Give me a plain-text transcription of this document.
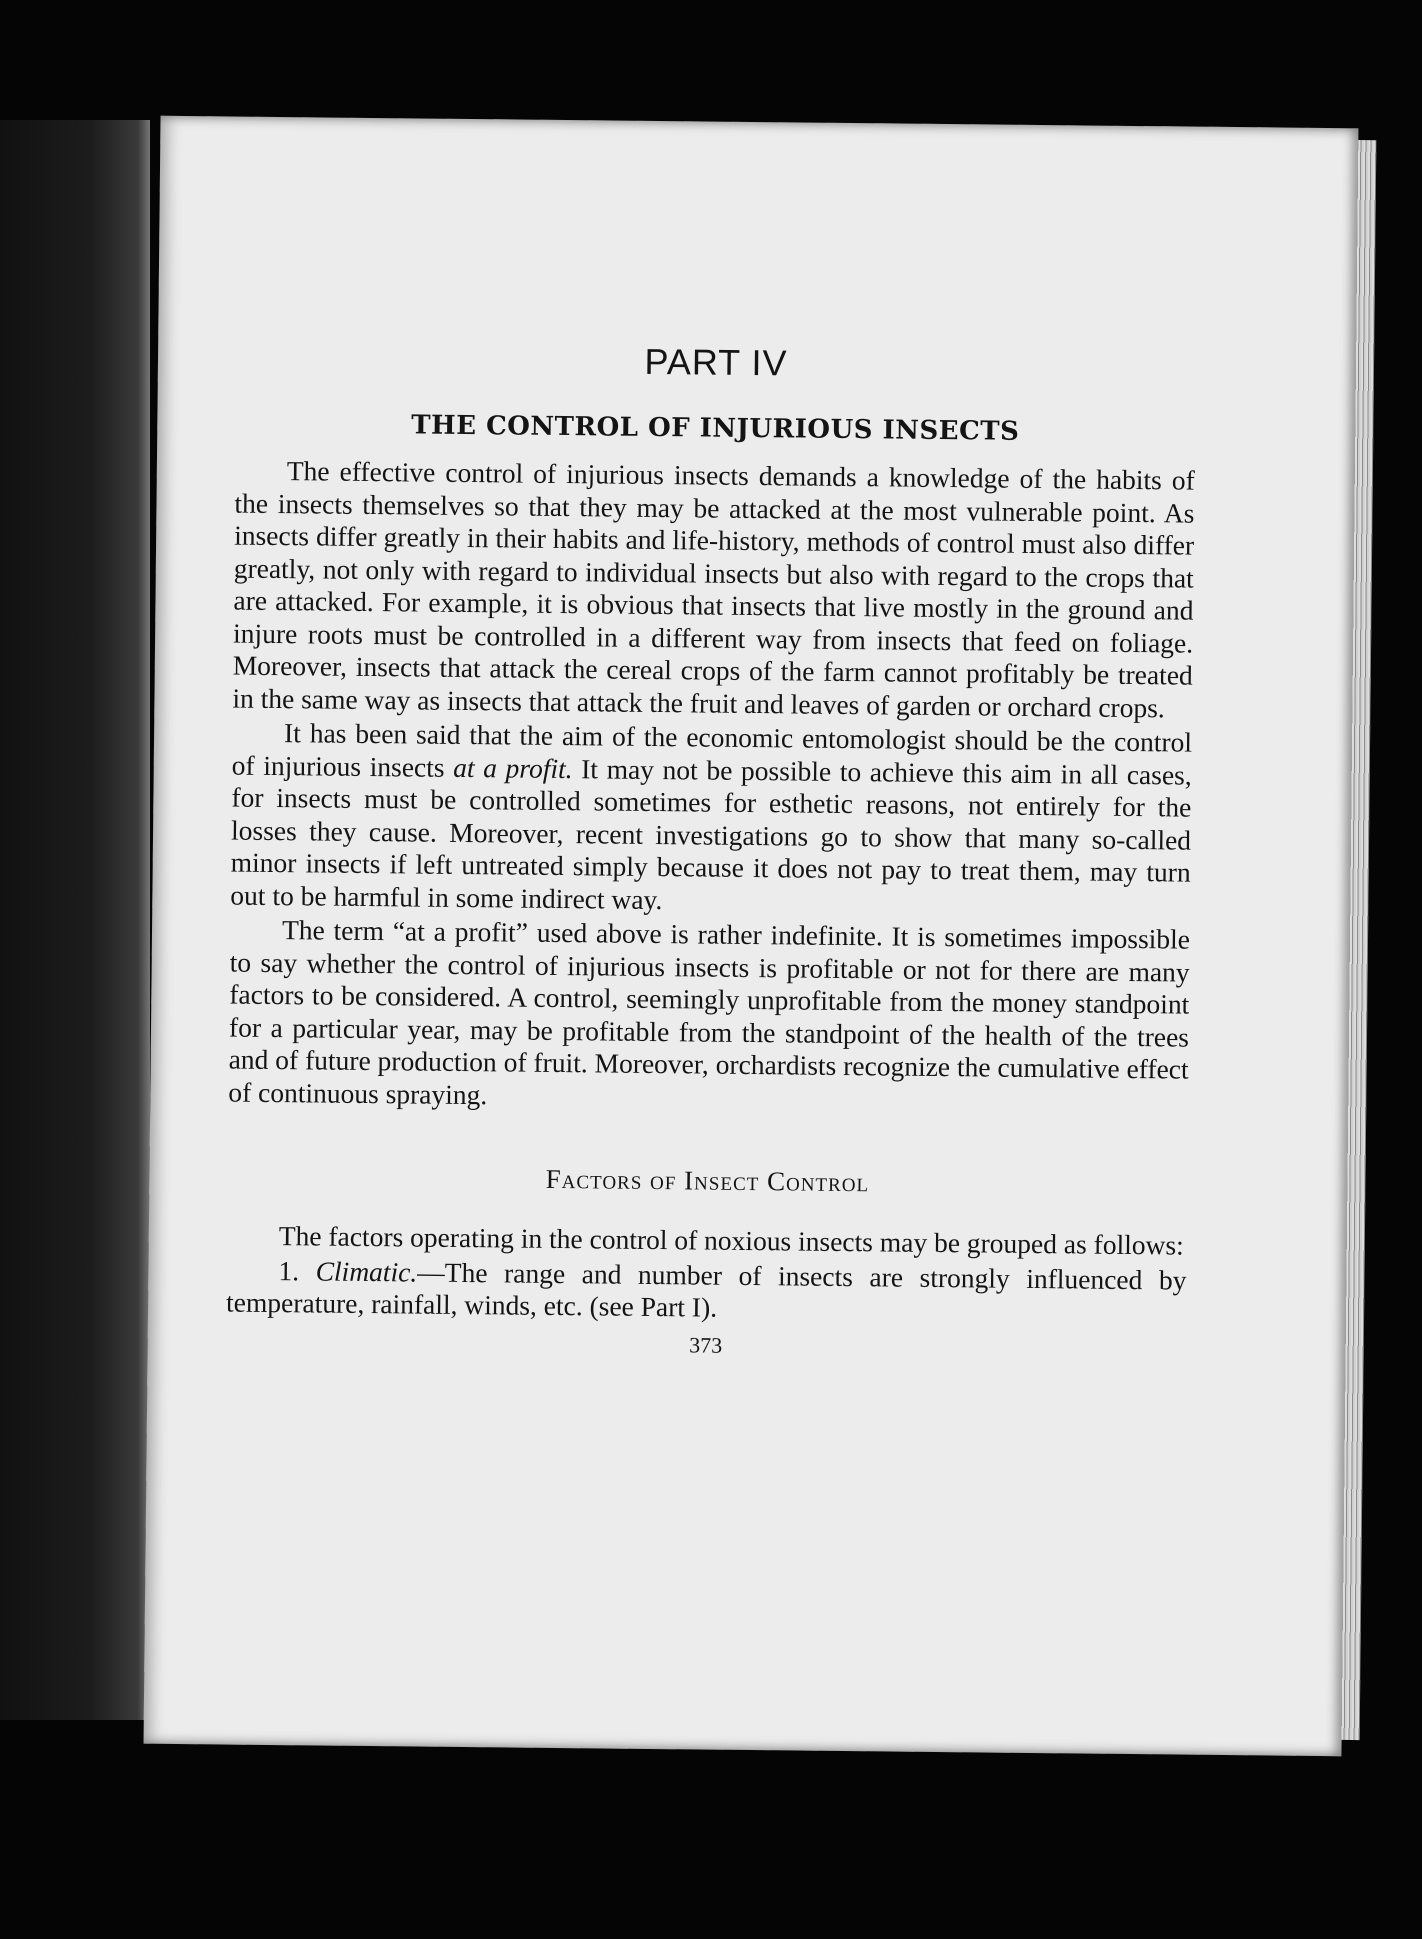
PART IV
THE CONTROL OF INJURIOUS INSECTS

The effective control of injurious insects demands a knowledge of the habits of the insects themselves so that they may be attacked at the most vulnerable point. As insects differ greatly in their habits and life-history, methods of control must also differ greatly, not only with regard to individual insects but also with regard to the crops that are attacked. For example, it is obvious that insects that live mostly in the ground and injure roots must be controlled in a different way from insects that feed on foliage. Moreover, insects that attack the cereal crops of the farm cannot profitably be treated in the same way as insects that attack the fruit and leaves of garden or orchard crops.

It has been said that the aim of the economic entomologist should be the control of injurious insects at a profit. It may not be possible to achieve this aim in all cases, for insects must be controlled sometimes for esthetic reasons, not entirely for the losses they cause. Moreover, recent investigations go to show that many so-called minor insects if left untreated simply because it does not pay to treat them, may turn out to be harmful in some indirect way.

The term “at a profit” used above is rather indefinite. It is sometimes impossible to say whether the control of injurious insects is profitable or not for there are many factors to be considered. A control, seemingly unprofitable from the money standpoint for a particular year, may be profitable from the standpoint of the health of the trees and of future production of fruit. Moreover, orchardists recognize the cumulative effect of continuous spraying.

Factors of Insect Control

The factors operating in the control of noxious insects may be grouped as follows:

1. Climatic.—The range and number of insects are strongly influenced by temperature, rainfall, winds, etc. (see Part I).

373
